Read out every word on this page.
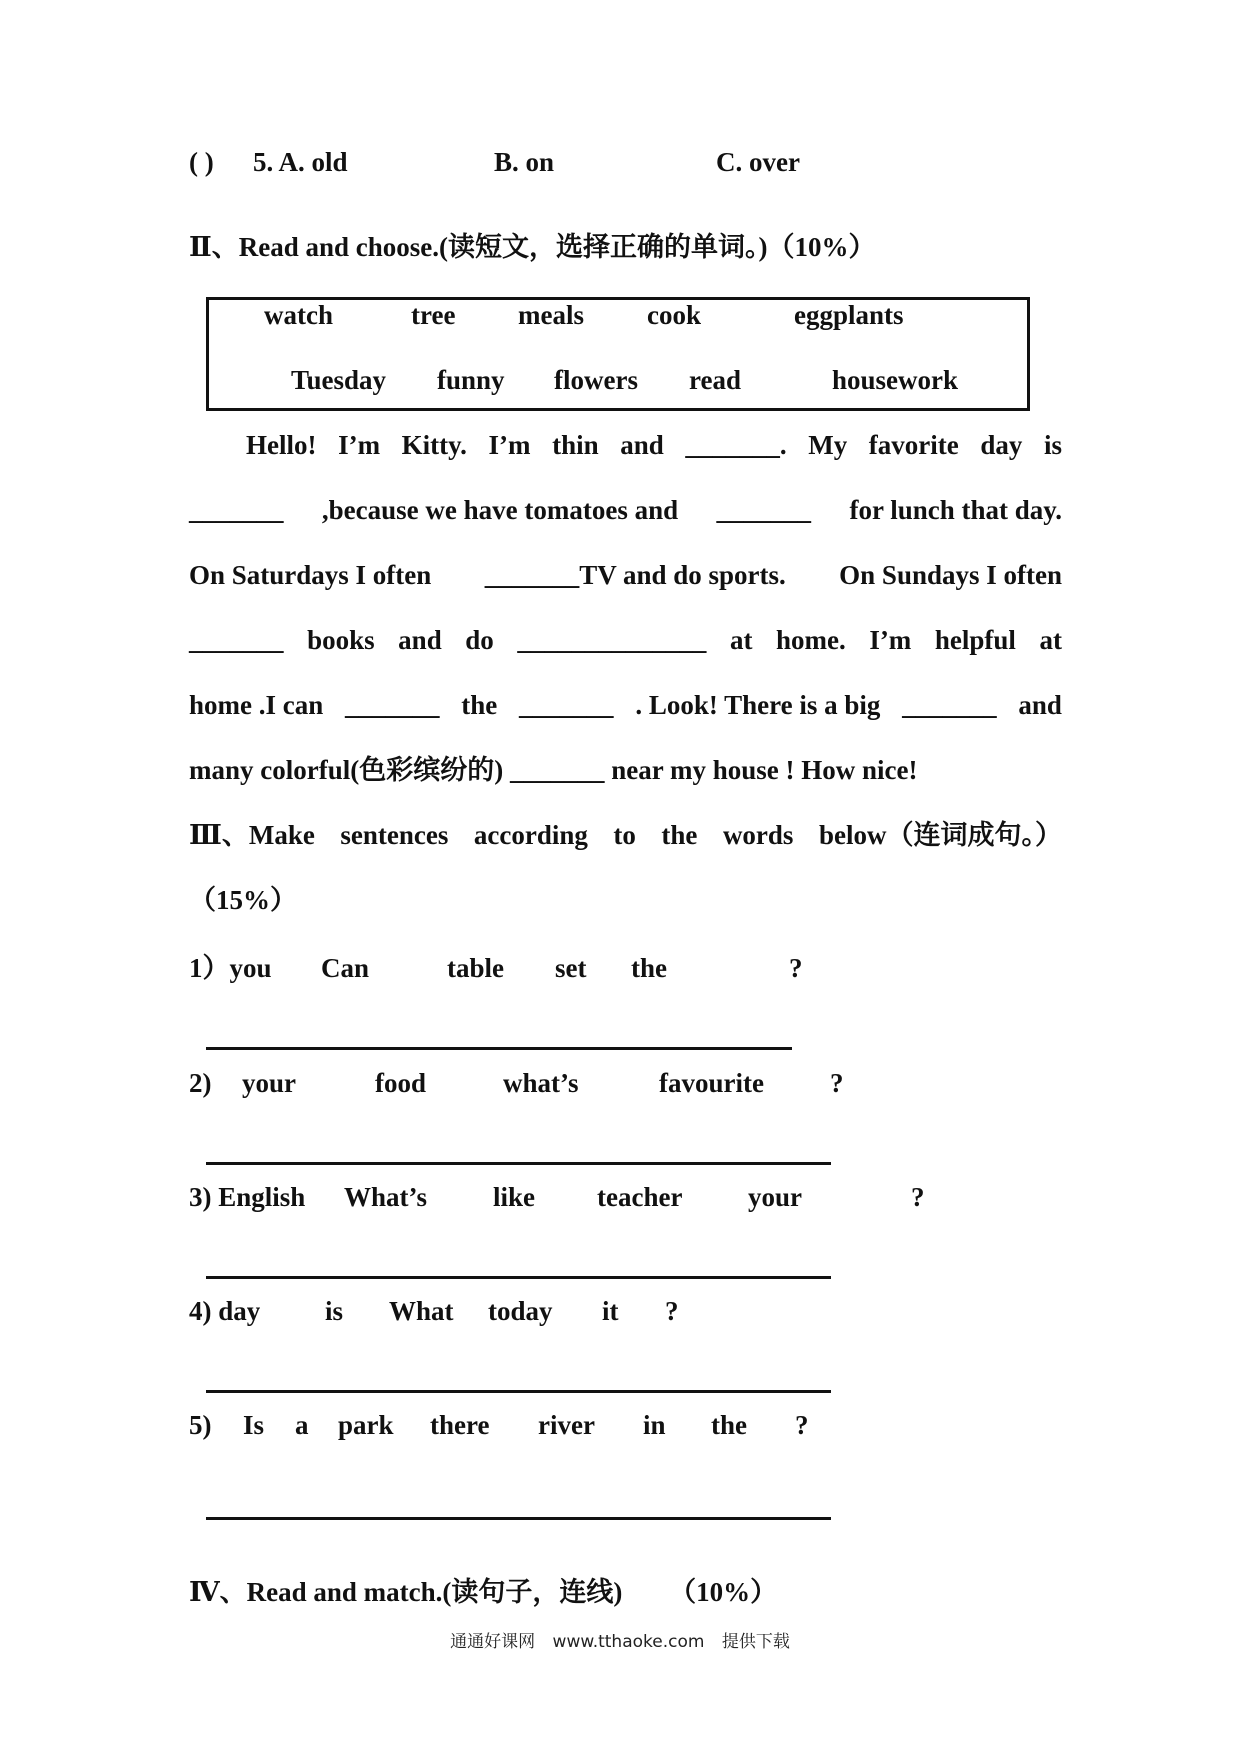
( ) 5. A. old	B. on	C. over
Ⅱ、Read and choose.(读短文，选择正确的单词。)（10%）
watch	tree meals cook	eggplants
Tuesday funny flowers read	housework
Hello! I’m Kitty. I’m thin and _______. My favorite day is
_______ ,because we have tomatoes and _______ for lunch that day.
On Saturdays I often _______TV and do sports. On Sundays I often
_______ books and do ______________ at home. I’m helpful at
home .I can _______ the _______ . Look! There is a big _______ and
many colorful(色彩缤纷的) _______ near my house ! How nice!
Ⅲ、Make sentences according to the words below（连词成句。）
（15%）
1）you Can	table set the	?
2) your	food	what’s	favourite ?
3) English What’s like teacher your	?
4) day is What today it ?
5) Is a park there river in the ?
Ⅳ、Read and match.(读句子，连线) （10%）
通通好课网 www.tthaoke.com 提供下载
